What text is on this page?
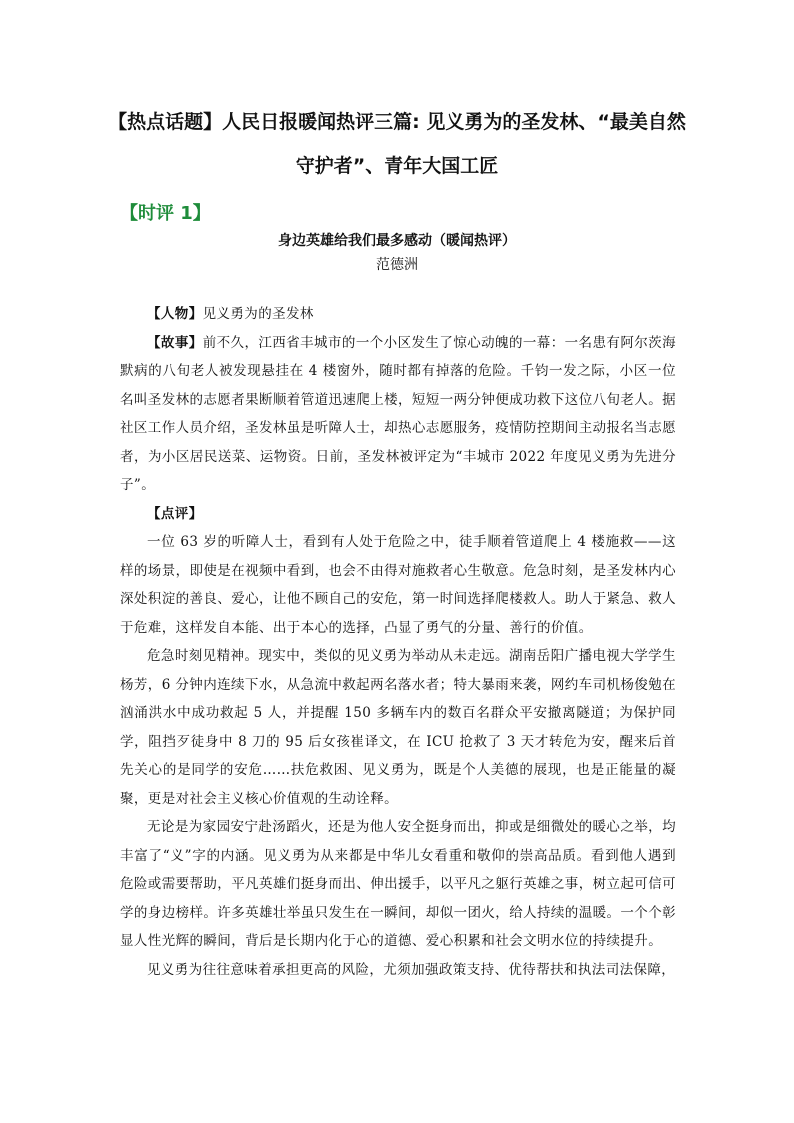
【热点话题】人民日报暖闻热评三篇: 见义勇为的圣发林、“最美自然守护者”、青年大国工匠
【时评 1】
身边英雄给我们最多感动（暖闻热评）
范德洲

【人物】见义勇为的圣发林

【故事】前不久，江西省丰城市的一个小区发生了惊心动魄的一幕：一名患有阿尔茨海默病的八旬老人被发现悬挂在 4 楼窗外，随时都有掉落的危险。千钧一发之际，小区一位名叫圣发林的志愿者果断顺着管道迅速爬上楼，短短一两分钟便成功救下这位八旬老人。据社区工作人员介绍，圣发林虽是听障人士，却热心志愿服务，疫情防控期间主动报名当志愿者，为小区居民送菜、运物资。日前，圣发林被评定为“丰城市 2022 年度见义勇为先进分子”。

【点评】

一位 63 岁的听障人士，看到有人处于危险之中，徒手顺着管道爬上 4 楼施救——这样的场景，即使是在视频中看到，也会不由得对施救者心生敬意。危急时刻，是圣发林内心深处积淀的善良、爱心，让他不顾自己的安危，第一时间选择爬楼救人。助人于紧急、救人于危难，这样发自本能、出于本心的选择，凸显了勇气的分量、善行的价值。

危急时刻见精神。现实中，类似的见义勇为举动从未走远。湖南岳阳广播电视大学学生杨芳，6 分钟内连续下水，从急流中救起两名落水者；特大暴雨来袭，网约车司机杨俊勉在汹涌洪水中成功救起 5 人，并提醒 150 多辆车内的数百名群众平安撤离隧道；为保护同学，阻挡歹徒身中 8 刀的 95 后女孩崔译文，在 ICU 抢救了 3 天才转危为安，醒来后首先关心的是同学的安危……扶危救困、见义勇为，既是个人美德的展现，也是正能量的凝聚，更是对社会主义核心价值观的生动诠释。

无论是为家园安宁赴汤蹈火，还是为他人安全挺身而出，抑或是细微处的暖心之举，均丰富了“义”字的内涵。见义勇为从来都是中华儿女看重和敬仰的崇高品质。看到他人遇到危险或需要帮助，平凡英雄们挺身而出、伸出援手，以平凡之躯行英雄之事，树立起可信可学的身边榜样。许多英雄壮举虽只发生在一瞬间，却似一团火，给人持续的温暖。一个个彰显人性光辉的瞬间，背后是长期内化于心的道德、爱心积累和社会文明水位的持续提升。

见义勇为往往意味着承担更高的风险，尤须加强政策支持、优待帮扶和执法司法保障，
